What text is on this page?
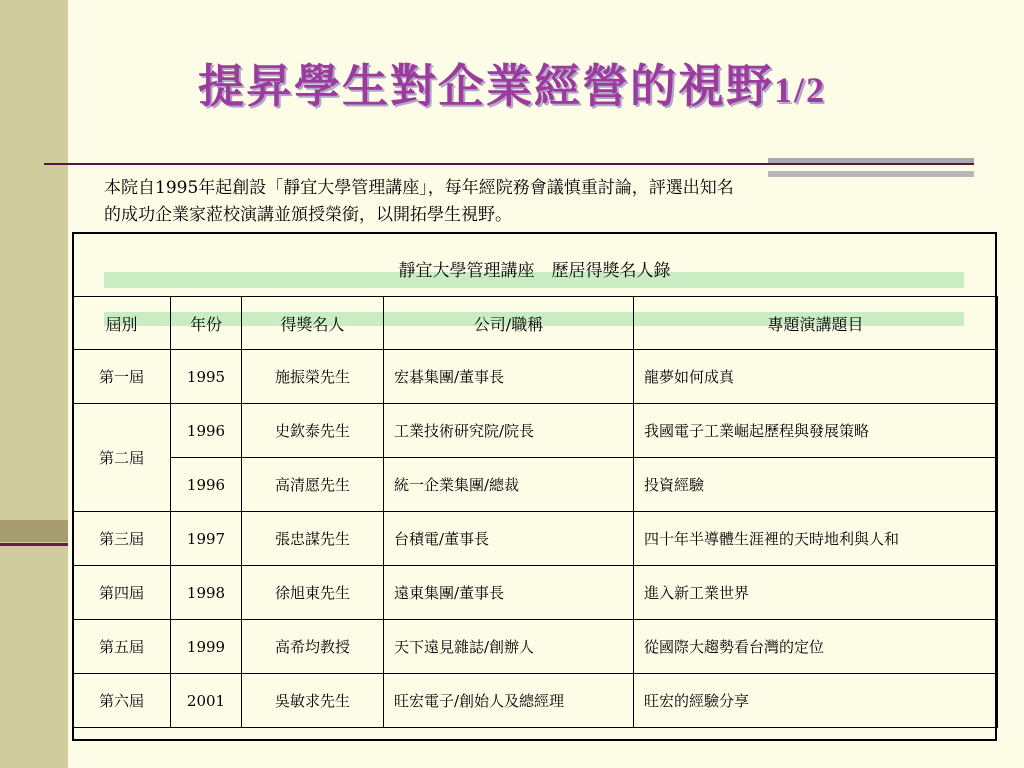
提昇學生對企業經營的視野1/2
本院自1995年起創設「靜宜大學管理講座」，每年經院務會議慎重討論，評選出知名
的成功企業家蒞校演講並頒授榮銜，以開拓學生視野。
靜宜大學管理講座　歷居得獎名人錄
屆別	年份	得獎名人	公司/職稱	專題演講題目
第一屆	1995	施振榮先生	宏碁集團/董事長	龍夢如何成真
第二屆	1996	史欽泰先生	工業技術研究院/院長	我國電子工業崛起歷程與發展策略
	1996	高清愿先生	統一企業集團/總裁	投資經驗
第三屆	1997	張忠謀先生	台積電/董事長	四十年半導體生涯裡的天時地利與人和
第四屆	1998	徐旭東先生	遠東集團/董事長	進入新工業世界
第五屆	1999	高希均教授	天下遠見雜誌/創辦人	從國際大趨勢看台灣的定位
第六屆	2001	吳敏求先生	旺宏電子/創始人及總經理	旺宏的經驗分享
